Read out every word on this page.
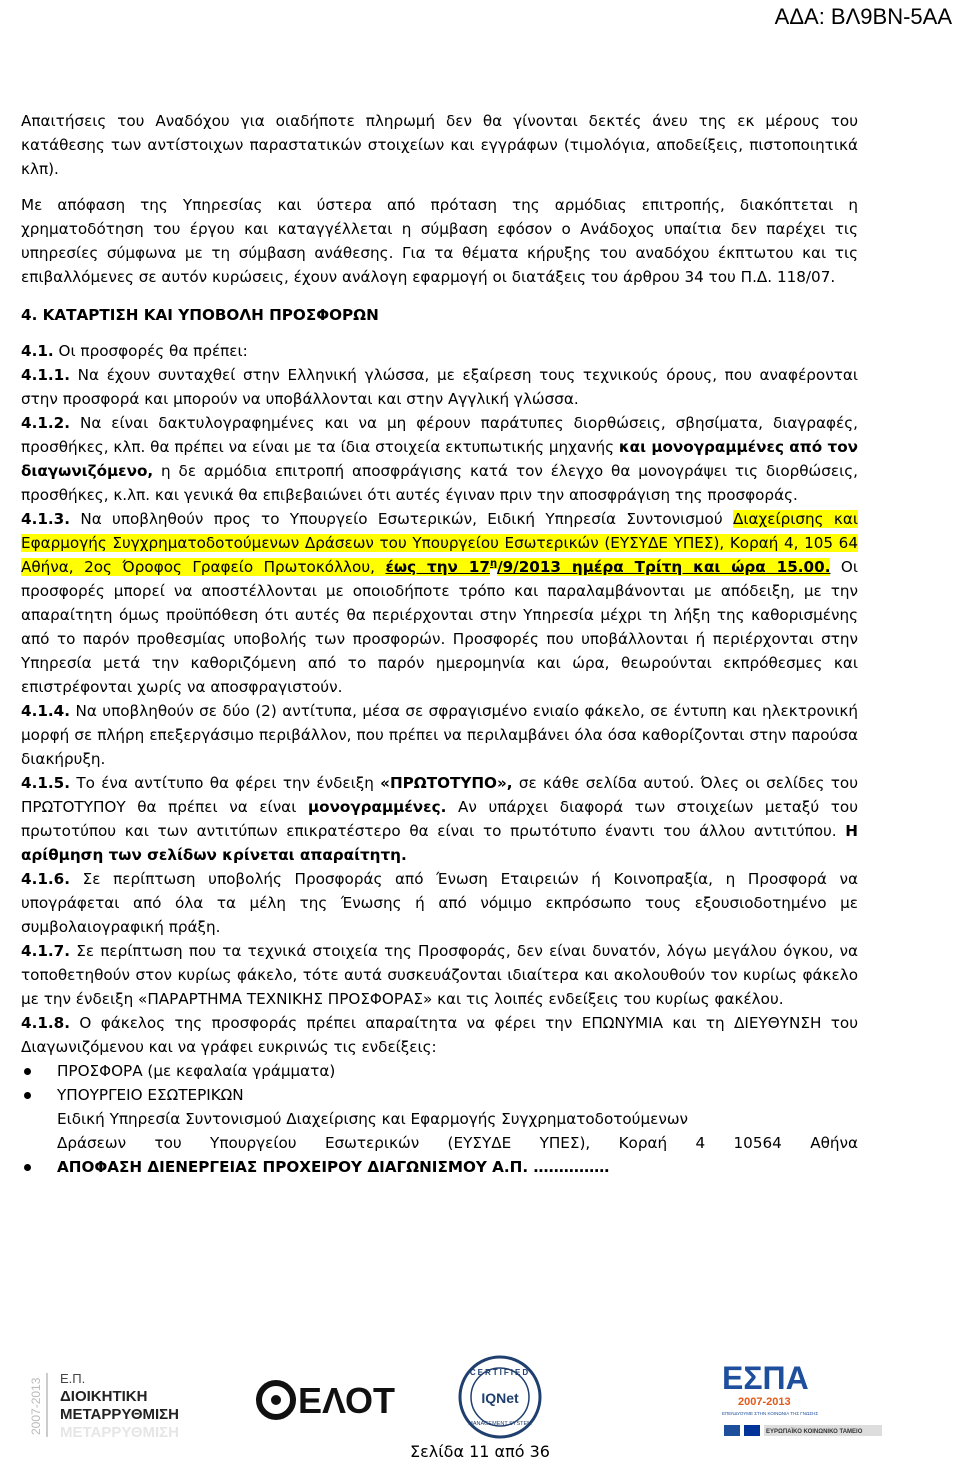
ΑΔΑ: ΒΛ9ΒΝ-5ΑΑ
Απαιτήσεις του Αναδόχου για οιαδήποτε πληρωμή δεν θα γίνονται δεκτές άνευ της εκ μέρους του κατάθεσης των αντίστοιχων παραστατικών στοιχείων και εγγράφων (τιμολόγια, αποδείξεις, πιστοποιητικά κλπ).
Με απόφαση της Υπηρεσίας και ύστερα από πρόταση της αρμόδιας επιτροπής, διακόπτεται η χρηματοδότηση του έργου και καταγγέλλεται η σύμβαση εφόσον ο Ανάδοχος υπαίτια δεν παρέχει τις υπηρεσίες σύμφωνα με τη σύμβαση ανάθεσης. Για τα θέματα κήρυξης του αναδόχου έκπτωτου και τις επιβαλλόμενες σε αυτόν κυρώσεις, έχουν ανάλογη εφαρμογή οι διατάξεις του άρθρου 34 του Π.Δ. 118/07.
4. ΚΑΤΑΡΤΙΣΗ ΚΑΙ ΥΠΟΒΟΛΗ ΠΡΟΣΦΟΡΩΝ
4.1. Οι προσφορές θα πρέπει:
4.1.1. Να έχουν συνταχθεί στην Ελληνική γλώσσα, με εξαίρεση τους τεχνικούς όρους, που αναφέρονται στην προσφορά και μπορούν να υποβάλλονται και στην Αγγλική γλώσσα.
4.1.2. Να είναι δακτυλογραφημένες και να μη φέρουν παράτυπες διορθώσεις, σβησίματα, διαγραφές, προσθήκες, κλπ. θα πρέπει να είναι με τα ίδια στοιχεία εκτυπωτικής μηχανής και μονογραμμένες από τον διαγωνιζόμενο, η δε αρμόδια επιτροπή αποσφράγισης κατά τον έλεγχο θα μονογράψει τις διορθώσεις, προσθήκες, κ.λπ. και γενικά θα επιβεβαιώνει ότι αυτές έγιναν πριν την αποσφράγιση της προσφοράς.
4.1.3. Να υποβληθούν προς το Υπουργείο Εσωτερικών, Ειδική Υπηρεσία Συντονισμού Διαχείρισης και Εφαρμογής Συγχρηματοδοτούμενων Δράσεων του Υπουργείου Εσωτερικών (ΕΥΣΥΔΕ ΥΠΕΣ), Κοραή 4, 105 64 Αθήνα, 2ος Όροφος Γραφείο Πρωτοκόλλου, έως την $17^\eta/9/2013$ ημέρα Τρίτη και ώρα 15.00. Οι προσφορές μπορεί να αποστέλλονται με οποιοδήποτε τρόπο και παραλαμβάνονται με απόδειξη, με την απαραίτητη όμως προϋπόθεση ότι αυτές θα περιέρχονται στην Υπηρεσία μέχρι τη λήξη της καθορισμένης από το παρόν προθεσμίας υποβολής των προσφορών. Προσφορές που υποβάλλονται ή περιέρχονται στην Υπηρεσία μετά την καθοριζόμενη από το παρόν ημερομηνία και ώρα, θεωρούνται εκπρόθεσμες και επιστρέφονται χωρίς να αποσφραγιστούν.
4.1.4. Να υποβληθούν σε δύο (2) αντίτυπα, μέσα σε σφραγισμένο ενιαίο φάκελο, σε έντυπη και ηλεκτρονική μορφή σε πλήρη επεξεργάσιμο περιβάλλον, που πρέπει να περιλαμβάνει όλα όσα καθορίζονται στην παρούσα διακήρυξη.
4.1.5. Το ένα αντίτυπο θα φέρει την ένδειξη «ΠΡΩΤΟΤΥΠΟ», σε κάθε σελίδα αυτού. Όλες οι σελίδες του ΠΡΩΤΟΤΥΠΟΥ θα πρέπει να είναι μονογραμμένες. Αν υπάρχει διαφορά των στοιχείων μεταξύ του πρωτοτύπου και των αντιτύπων επικρατέστερο θα είναι το πρωτότυπο έναντι του άλλου αντιτύπου. Η αρίθμηση των σελίδων κρίνεται απαραίτητη.
4.1.6. Σε περίπτωση υποβολής Προσφοράς από Ένωση Εταιρειών ή Κοινοπραξία, η Προσφορά να υπογράφεται από όλα τα μέλη της Ένωσης ή από νόμιμο εκπρόσωπο τους εξουσιοδοτημένο με συμβολαιογραφική πράξη.
4.1.7. Σε περίπτωση που τα τεχνικά στοιχεία της Προσφοράς, δεν είναι δυνατόν, λόγω μεγάλου όγκου, να τοποθετηθούν στον κυρίως φάκελο, τότε αυτά συσκευάζονται ιδιαίτερα και ακολουθούν τον κυρίως φάκελο με την ένδειξη «ΠΑΡΑΡΤΗΜΑ ΤΕΧΝΙΚΗΣ ΠΡΟΣΦΟΡΑΣ» και τις λοιπές ενδείξεις του κυρίως φακέλου.
4.1.8. Ο φάκελος της προσφοράς πρέπει απαραίτητα να φέρει την ΕΠΩΝΥΜΙΑ και τη ΔΙΕΥΘΥΝΣΗ του Διαγωνιζόμενου και να γράφει ευκρινώς τις ενδείξεις:
ΠΡΟΣΦΟΡΑ (με κεφαλαία γράμματα)
ΥΠΟΥΡΓΕΙΟ ΕΣΩΤΕΡΙΚΩΝ
Ειδική Υπηρεσία Συντονισμού Διαχείρισης και Εφαρμογής Συγχρηματοδοτούμενων
Δράσεων του Υπουργείου Εσωτερικών (ΕΥΣΥΔΕ ΥΠΕΣ), Κοραή 4 10564 Αθήνα
ΑΠΟΦΑΣΗ ΔΙΕΝΕΡΓΕΙΑΣ ΠΡΟΧΕΙΡΟΥ ΔΙΑΓΩΝΙΣΜΟΥ Α.Π. ……………
2007-2013 Ε.Π.
ΔΙΟΙΚΗΤΙΚΗ
ΜΕΤΑΡΡΥΘΜΙΣΗ
ΜΕΤΑΡΡΥΘΜΙΣΗ
ΕΛΟΤ
CERTIFIED
IQNet
MANAGEMENT SYSTEM
ΕΣΠΑ
2007-2013
ΕΠΕΝΔΥΟΥΜΕ ΣΤΗΝ ΚΟΙΝΩΝΙΑ ΤΗΣ ΓΝΩΣΗΣ
ΕΥΡΩΠΑΪΚΟ ΚΟΙΝΩΝΙΚΟ ΤΑΜΕΙΟ
Σελίδα 11 από 36
